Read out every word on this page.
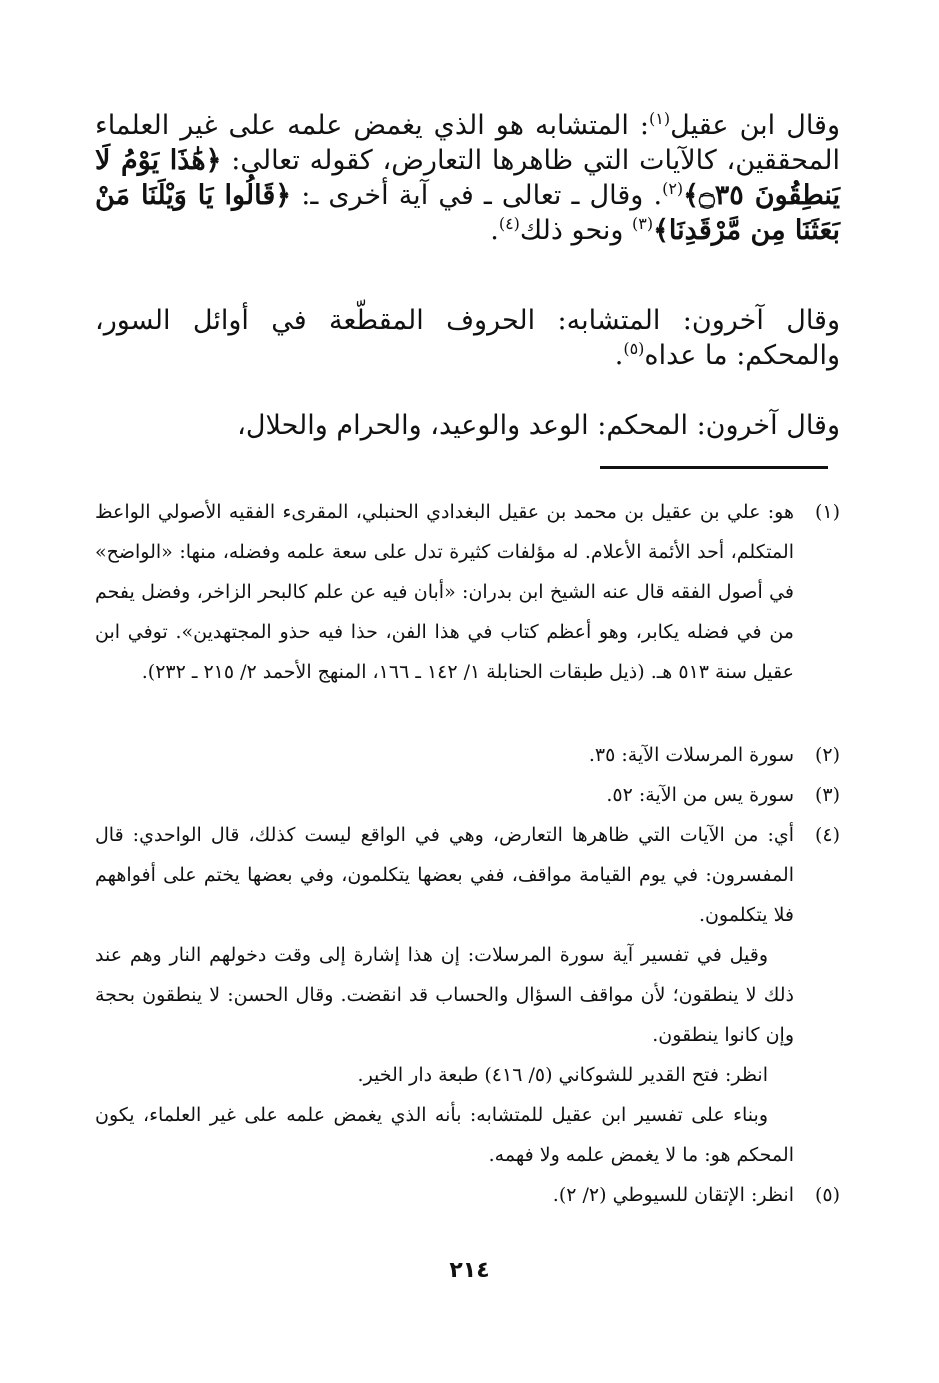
وقال ابن عقيل$^{(١)}$: المتشابه هو الذي يغمض علمه على غير العلماء المحققين، كالآيات التي ظاهرها التعارض، كقوله تعالى: ﴿هَٰذَا يَوْمُ لَا يَنطِقُونَ ۝٣٥﴾$^{(٢)}$. وقال ـ تعالى ـ في آية أخرى ـ: ﴿قَالُوا يَا وَيْلَنَا مَنْ بَعَثَنَا مِن مَّرْقَدِنَا﴾$^{(٣)}$ ونحو ذلك$^{(٤)}$.

وقال آخرون: المتشابه: الحروف المقطّعة في أوائل السور، والمحكم: ما عداه$^{(٥)}$.

وقال آخرون: المحكم: الوعد والوعيد، والحرام والحلال،

(١)

هو: علي بن عقيل بن محمد بن عقيل البغدادي الحنبلي، المقرىء الفقيه الأصولي الواعظ المتكلم، أحد الأئمة الأعلام. له مؤلفات كثيرة تدل على سعة علمه وفضله، منها: «الواضح» في أصول الفقه قال عنه الشيخ ابن بدران: «أبان فيه عن علم كالبحر الزاخر، وفضل يفحم من في فضله يكابر، وهو أعظم كتاب في هذا الفن، حذا فيه حذو المجتهدين». توفي ابن عقيل سنة ٥١٣ هـ. (ذيل طبقات الحنابلة ١/ ١٤٢ ـ ١٦٦، المنهج الأحمد ٢/ ٢١٥ ـ ٢٣٢).

(٢)

سورة المرسلات الآية: ٣٥.

(٣)

سورة يس من الآية: ٥٢.

(٤)

أي: من الآيات التي ظاهرها التعارض، وهي في الواقع ليست كذلك، قال الواحدي: قال المفسرون: في يوم القيامة مواقف، ففي بعضها يتكلمون، وفي بعضها يختم على أفواههم فلا يتكلمون.

وقيل في تفسير آية سورة المرسلات: إن هذا إشارة إلى وقت دخولهم النار وهم عند ذلك لا ينطقون؛ لأن مواقف السؤال والحساب قد انقضت. وقال الحسن: لا ينطقون بحجة وإن كانوا ينطقون.

انظر: فتح القدير للشوكاني (٥/ ٤١٦) طبعة دار الخير.

وبناء على تفسير ابن عقيل للمتشابه: بأنه الذي يغمض علمه على غير العلماء، يكون المحكم هو: ما لا يغمض علمه ولا فهمه.

(٥)

انظر: الإتقان للسيوطي (٢/ ٢).

٢١٤
